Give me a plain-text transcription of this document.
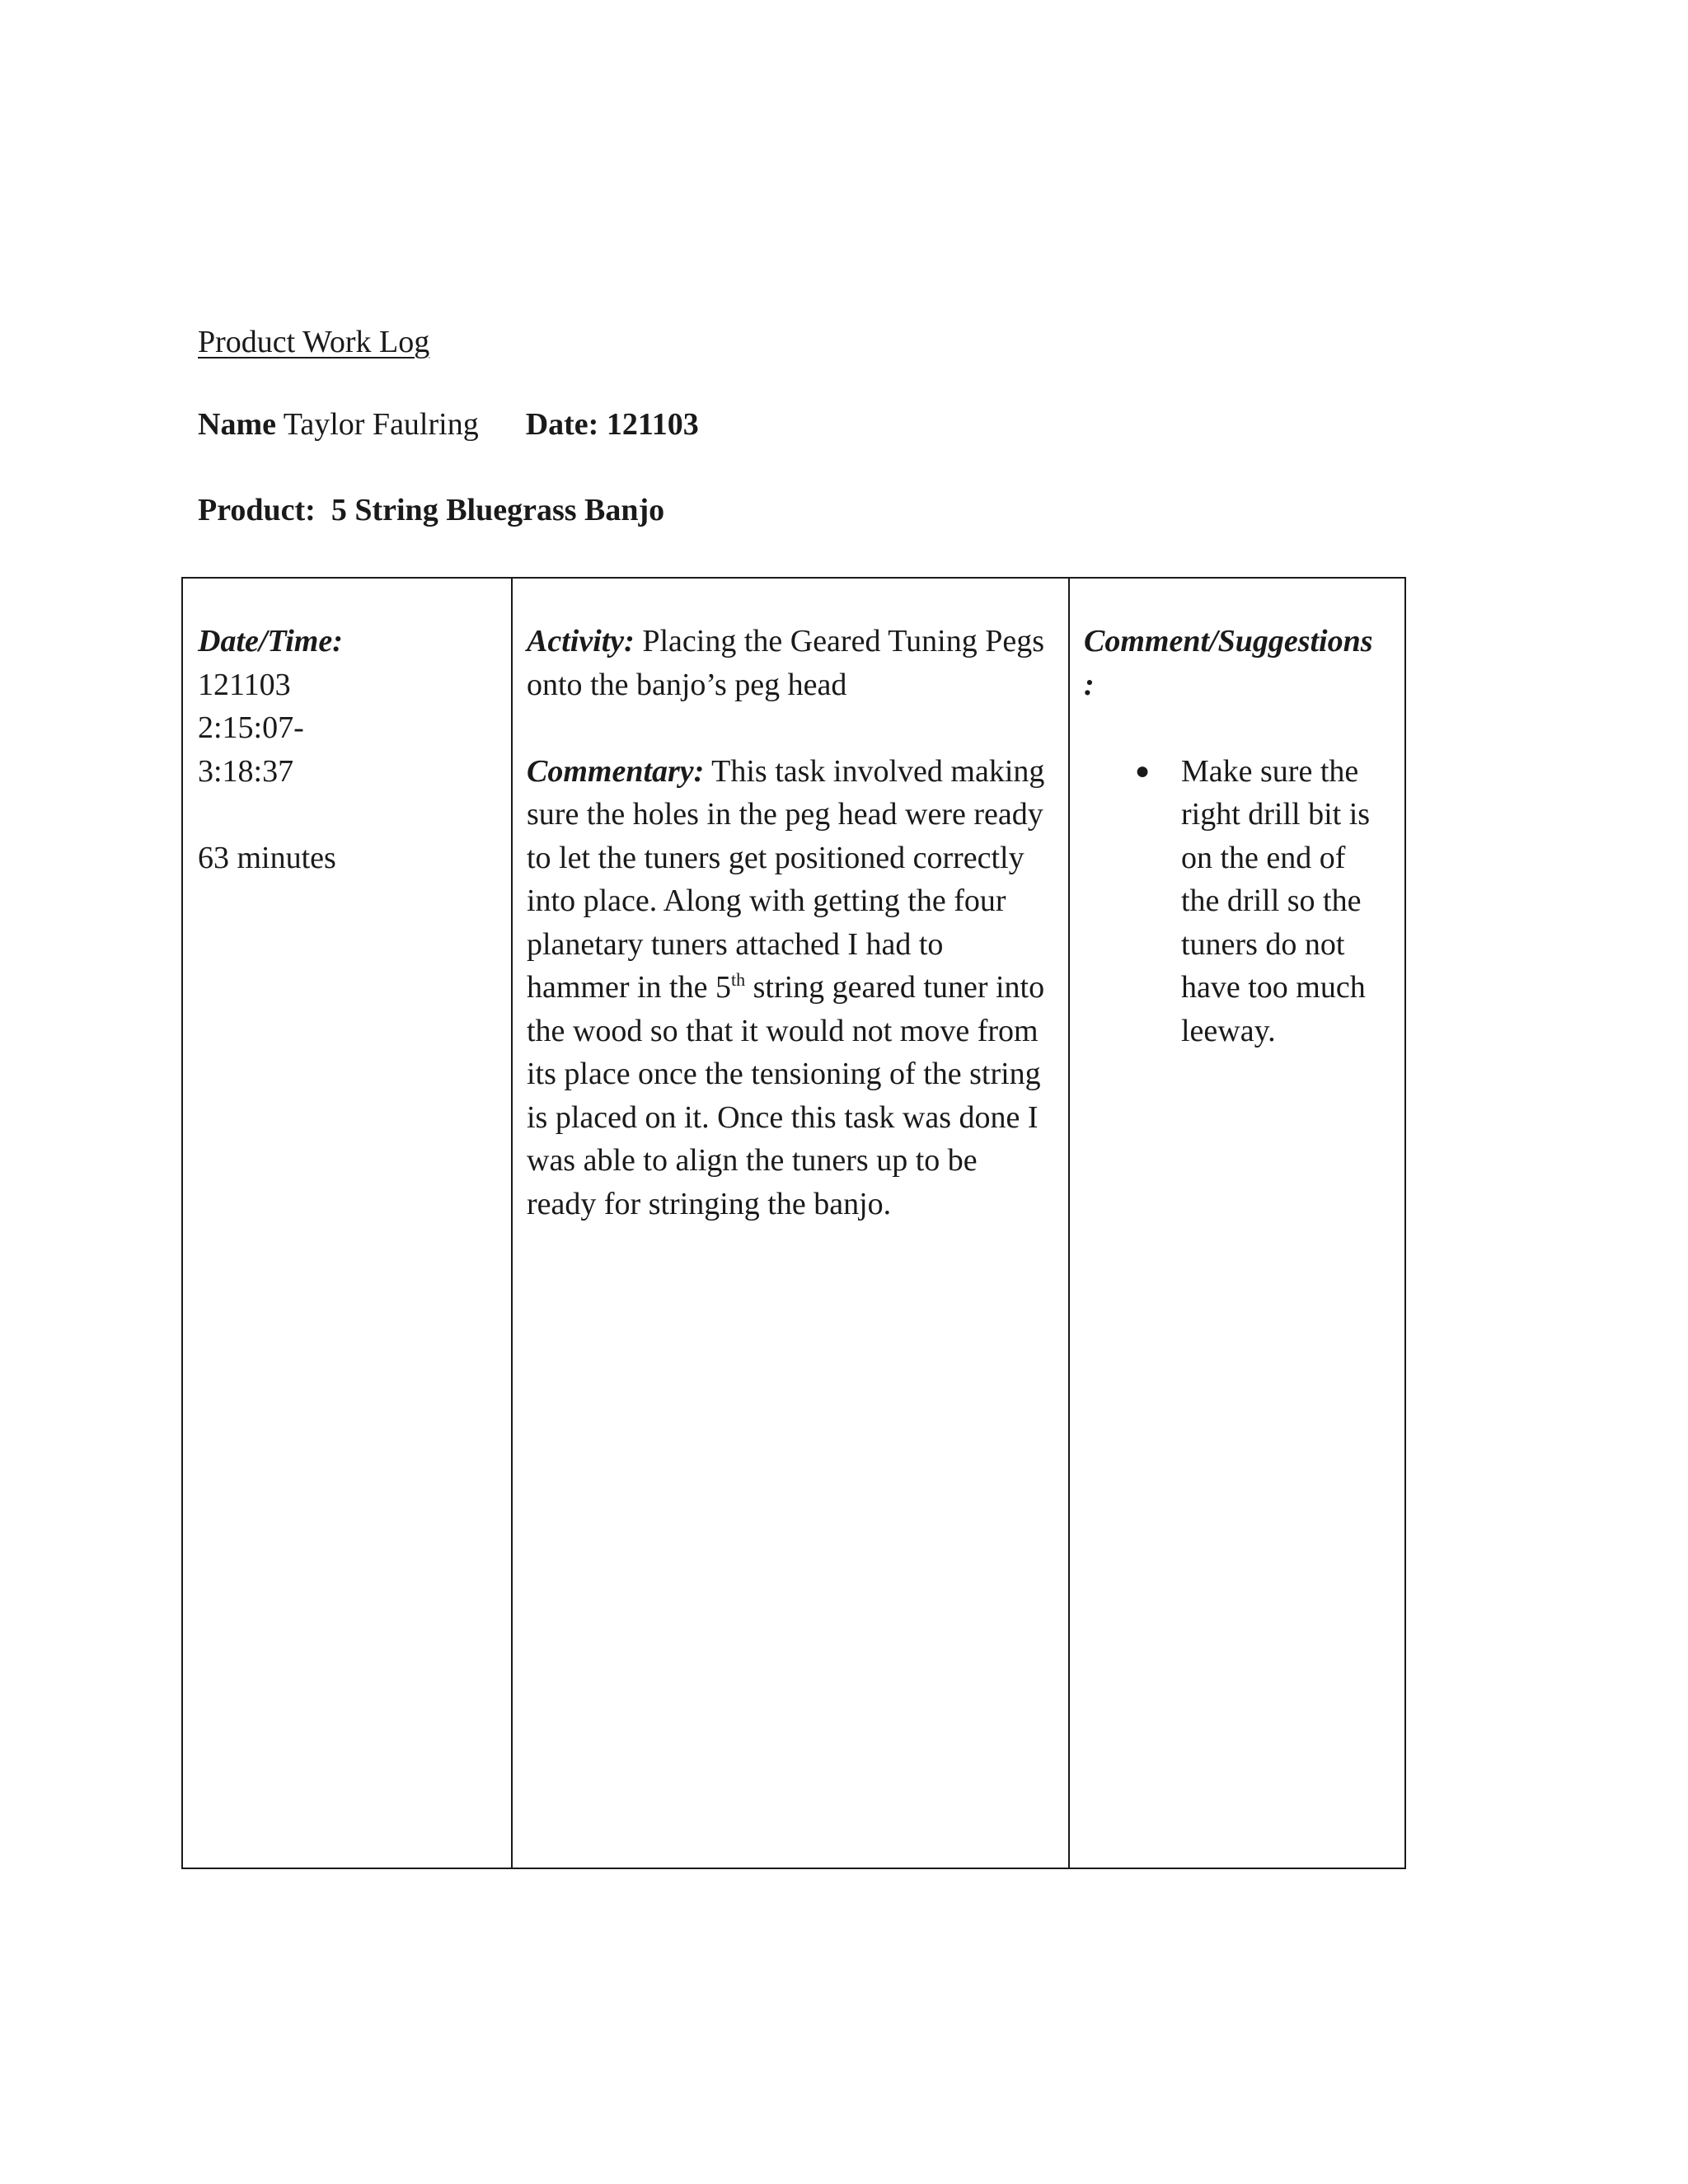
Product Work Log
Name Taylor Faulring Date: 121103
Product: 5 String Bluegrass Banjo
Date/Time:
121103
2:15:07-
3:18:37
63 minutes
Activity: Placing the Geared Tuning Pegs onto the banjo’s peg head
Commentary: This task involved making sure the holes in the peg head were ready to let the tuners get positioned correctly into place. Along with getting the four planetary tuners attached I had to hammer in the 5th string geared tuner into the wood so that it would not move from its place once the tensioning of the string is placed on it. Once this task was done I was able to align the tuners up to be ready for stringing the banjo.
Comment/Suggestions
:
● Make sure the right drill bit is on the end of the drill so the tuners do not have too much leeway.
